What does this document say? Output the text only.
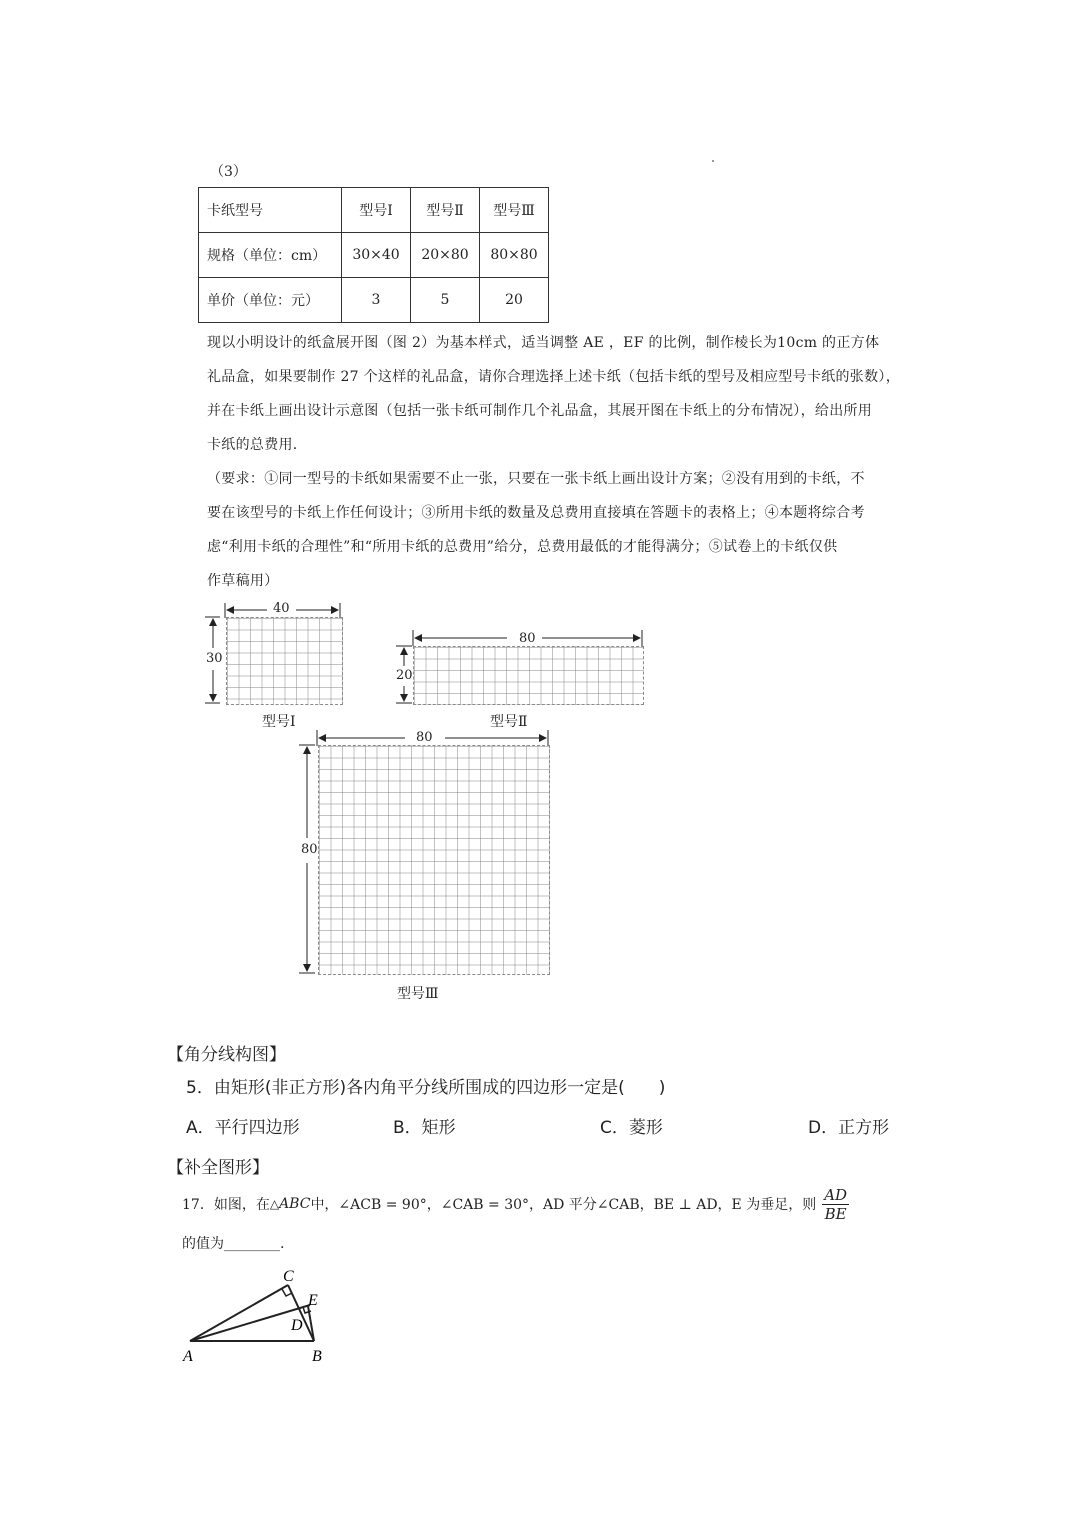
（3）
卡纸型号	型号Ⅰ	型号Ⅱ	型号Ⅲ
规格（单位：cm）	30×40	20×80	80×80
单价（单位：元）	3	5	20
现以小明设计的纸盒展开图（图 2）为基本样式，适当调整 AE ，EF 的比例，制作棱长为10cm 的正方体
礼品盒，如果要制作 27 个这样的礼品盒，请你合理选择上述卡纸（包括卡纸的型号及相应型号卡纸的张数），
并在卡纸上画出设计示意图（包括一张卡纸可制作几个礼品盒，其展开图在卡纸上的分布情况），给出所用
卡纸的总费用.
（要求：①同一型号的卡纸如果需要不止一张，只要在一张卡纸上画出设计方案；②没有用到的卡纸，不
要在该型号的卡纸上作任何设计；③所用卡纸的数量及总费用直接填在答题卡的表格上；④本题将综合考
虑“利用卡纸的合理性”和“所用卡纸的总费用”给分，总费用最低的才能得满分；⑤试卷上的卡纸仅供
作草稿用）
40
30
型号Ⅰ
80
20
型号Ⅱ
80
80
型号Ⅲ
【角分线构图】
5．由矩形(非正方形)各内角平分线所围成的四边形一定是(　　)
A．平行四边形	B．矩形	C．菱形	D．正方形
【补全图形】
17．如图，在 △ ABC 中，∠ACB = 90°，∠CAB = 30°，AD 平分∠CAB，BE ⊥ AD，E 为垂足，则 $\frac{AD}{BE}$
的值为________.
C
E
D
A	B
